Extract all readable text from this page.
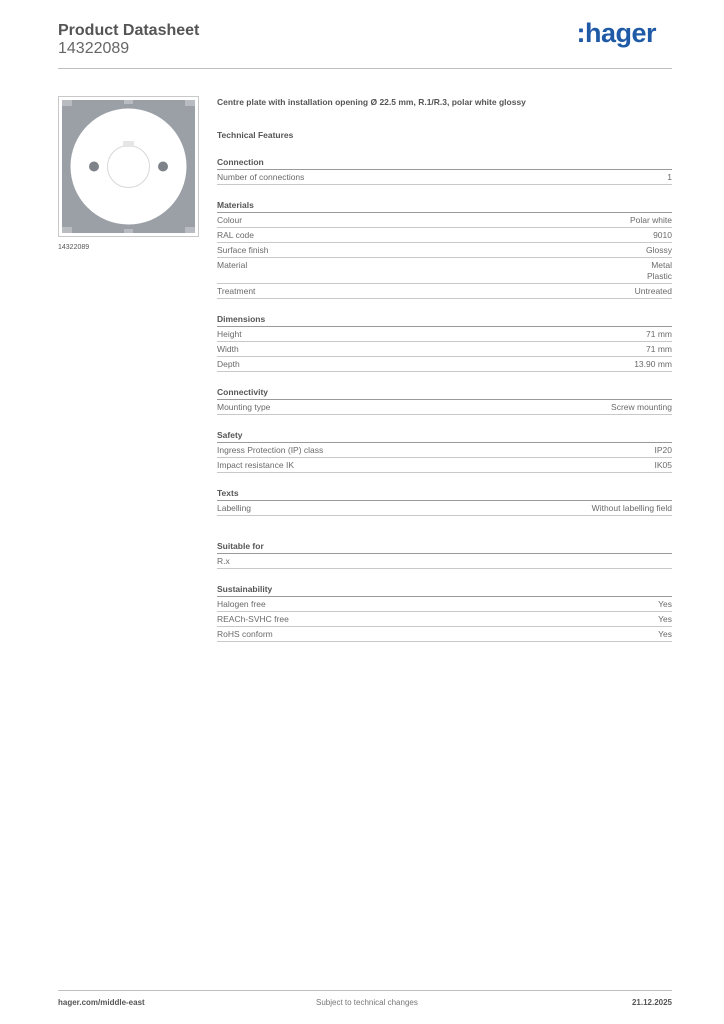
Product Datasheet
14322089
:hager
14322089
Centre plate with installation opening Ø 22.5 mm, R.1/R.3, polar white glossy
Technical Features
Connection
Number of connections	1
Materials
Colour	Polar white
RAL code	9010
Surface finish	Glossy
Material	Metal
Plastic
Treatment	Untreated
Dimensions
Height	71 mm
Width	71 mm
Depth	13.90 mm
Connectivity
Mounting type	Screw mounting
Safety
Ingress Protection (IP) class	IP20
Impact resistance IK	IK05
Texts
Labelling	Without labelling field
Suitable for
R.x

Sustainability
Halogen free	Yes
REACh-SVHC free	Yes
RoHS conform	Yes
hager.com/middle-east	Subject to technical changes	21.12.2025
